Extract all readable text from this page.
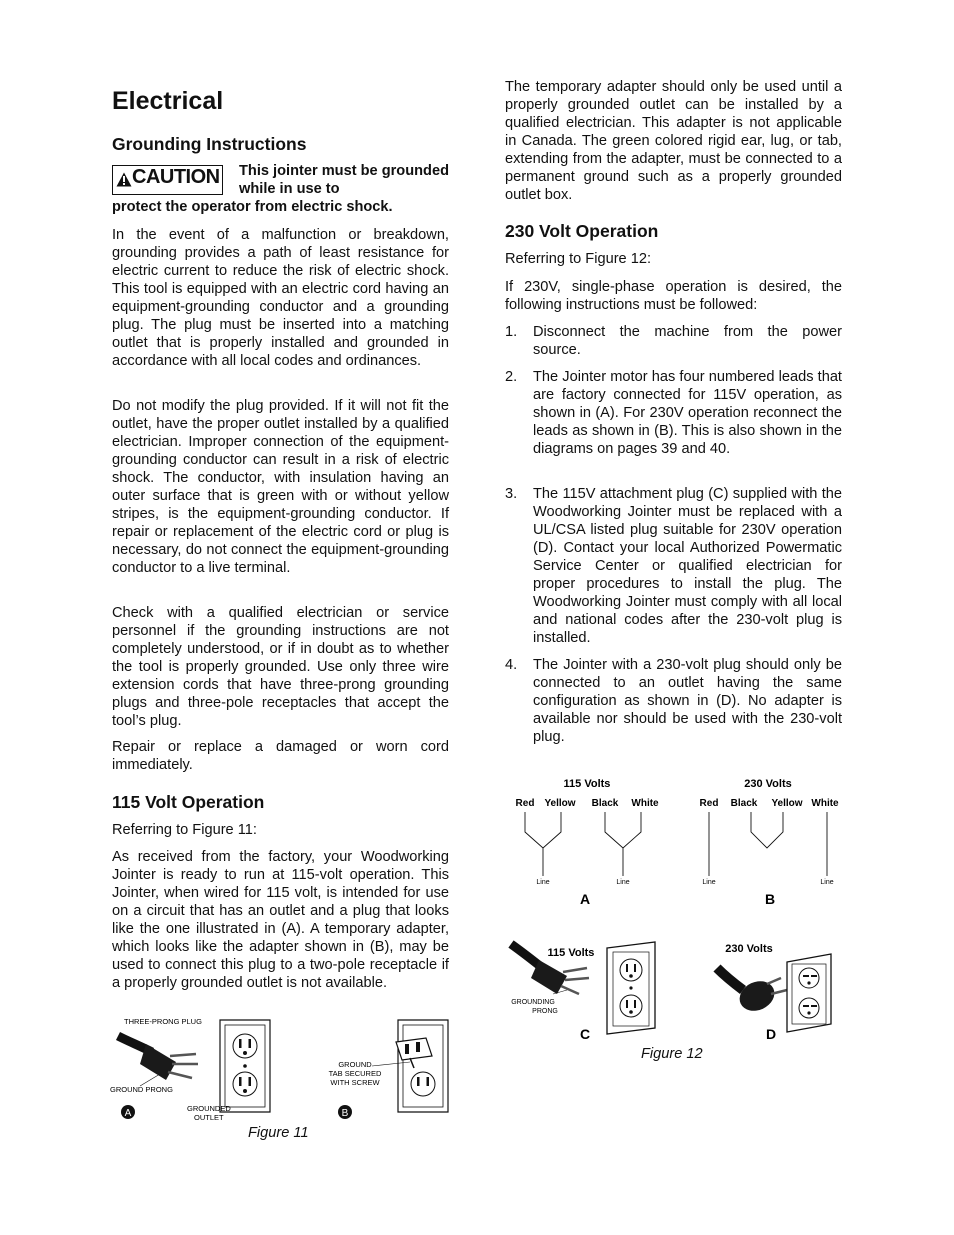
Electrical
Grounding Instructions
CAUTION This jointer must be grounded while in use to

protect the operator from electric shock.

In the event of a malfunction or breakdown, grounding provides a path of least resistance for electric current to reduce the risk of electric shock. This tool is equipped with an electric cord having an equipment-grounding conductor and a grounding plug. The plug must be inserted into a matching outlet that is properly installed and grounded in accordance with all local codes and ordinances.

Do not modify the plug provided. If it will not fit the outlet, have the proper outlet installed by a qualified electrician. Improper connection of the equipment-grounding conductor can result in a risk of electric shock. The conductor, with insulation having an outer surface that is green with or without yellow stripes, is the equipment-grounding conductor. If repair or replacement of the electric cord or plug is necessary, do not connect the equipment-grounding conductor to a live terminal.

Check with a qualified electrician or service personnel if the grounding instructions are not completely understood, or if in doubt as to whether the tool is properly grounded. Use only three wire extension cords that have three-prong grounding plugs and three-pole receptacles that accept the tool’s plug.

Repair or replace a damaged or worn cord immediately.

115 Volt Operation

Referring to Figure 11:

As received from the factory, your Woodworking Jointer is ready to run at 115-volt operation. This Jointer, when wired for 115 volt, is intended for use on a circuit that has an outlet and a plug that looks like the one illustrated in (A). A temporary adapter, which looks like the adapter shown in (B), may be used to connect this plug to a two-pole receptacle if a properly grounded outlet is not available.

THREE-PRONG PLUG
GROUND PRONG
GROUNDED
OUTLET
A
GROUND
TAB SECURED
WITH SCREW
B
Figure 11

The temporary adapter should only be used until a properly grounded outlet can be installed by a qualified electrician. This adapter is not applicable in Canada. The green colored rigid ear, lug, or tab, extending from the adapter, must be connected to a permanent ground such as a properly grounded outlet box.

230 Volt Operation

Referring to Figure 12:

If 230V, single-phase operation is desired, the following instructions must be followed:

1. Disconnect the machine from the power source.
2. The Jointer motor has four numbered leads that are factory connected for 115V operation, as shown in (A). For 230V operation reconnect the leads as shown in (B). This is also shown in the diagrams on pages 39 and 40.
3. The 115V attachment plug (C) supplied with the Woodworking Jointer must be replaced with a UL/CSA listed plug suitable for 230V operation (D). Contact your local Authorized Powermatic Service Center or qualified electrician for proper procedures to install the plug. The Woodworking Jointer must comply with all local and national codes after the 230-volt plug is installed.
4. The Jointer with a 230-volt plug should only be connected to an outlet having the same configuration as shown in (D). No adapter is available nor should be used with the 230-volt plug.
115 Volts
Red Yellow Black White
Line	Line
A
230 Volts
Red Black Yellow White
Line	Line
B
115 Volts
GROUNDING
PRONG
C
230 Volts
D
Figure 12
